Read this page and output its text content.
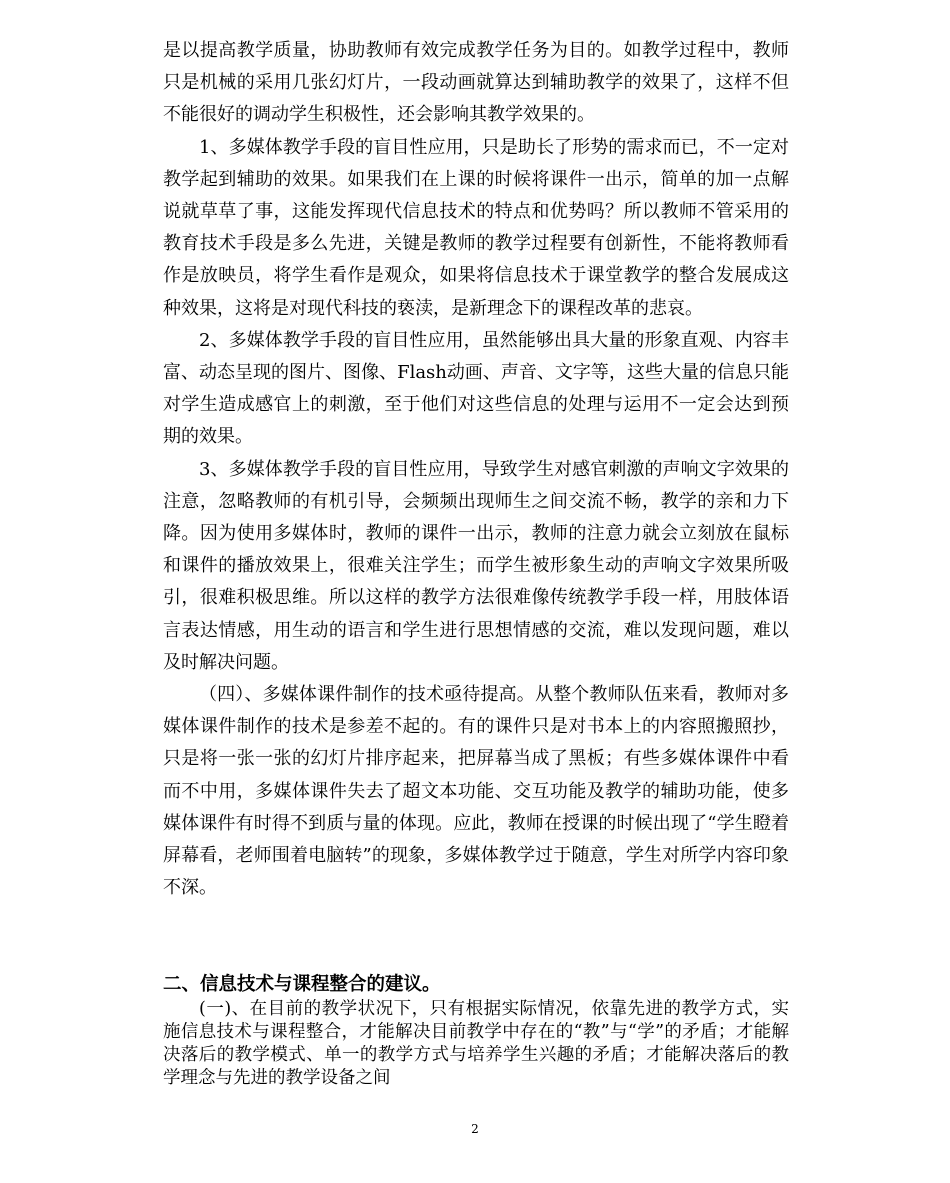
是以提高教学质量，协助教师有效完成教学任务为目的。如教学过程中，教师只是机械的采用几张幻灯片，一段动画就算达到辅助教学的效果了，这样不但不能很好的调动学生积极性，还会影响其教学效果的。

1、多媒体教学手段的盲目性应用，只是助长了形势的需求而已，不一定对教学起到辅助的效果。如果我们在上课的时候将课件一出示，简单的加一点解说就草草了事，这能发挥现代信息技术的特点和优势吗？所以教师不管采用的教育技术手段是多么先进，关键是教师的教学过程要有创新性，不能将教师看作是放映员，将学生看作是观众，如果将信息技术于课堂教学的整合发展成这种效果，这将是对现代科技的亵渎，是新理念下的课程改革的悲哀。

2、多媒体教学手段的盲目性应用，虽然能够出具大量的形象直观、内容丰富、动态呈现的图片、图像、Flash动画、声音、文字等，这些大量的信息只能对学生造成感官上的刺激，至于他们对这些信息的处理与运用不一定会达到预期的效果。

3、多媒体教学手段的盲目性应用，导致学生对感官刺激的声响文字效果的注意，忽略教师的有机引导，会频频出现师生之间交流不畅，教学的亲和力下降。因为使用多媒体时，教师的课件一出示，教师的注意力就会立刻放在鼠标和课件的播放效果上，很难关注学生；而学生被形象生动的声响文字效果所吸引，很难积极思维。所以这样的教学方法很难像传统教学手段一样，用肢体语言表达情感，用生动的语言和学生进行思想情感的交流，难以发现问题，难以及时解决问题。

（四）、多媒体课件制作的技术亟待提高。从整个教师队伍来看，教师对多媒体课件制作的技术是参差不起的。有的课件只是对书本上的内容照搬照抄，只是将一张一张的幻灯片排序起来，把屏幕当成了黑板；有些多媒体课件中看而不中用，多媒体课件失去了超文本功能、交互功能及教学的辅助功能，使多媒体课件有时得不到质与量的体现。应此，教师在授课的时候出现了“学生瞪着屏幕看，老师围着电脑转”的现象，多媒体教学过于随意，学生对所学内容印象不深。

二、信息技术与课程整合的建议。

(一)、在目前的教学状况下，只有根据实际情况，依靠先进的教学方式，实施信息技术与课程整合，才能解决目前教学中存在的“教”与“学”的矛盾；才能解决落后的教学模式、单一的教学方式与培养学生兴趣的矛盾；才能解决落后的教学理念与先进的教学设备之间

2
